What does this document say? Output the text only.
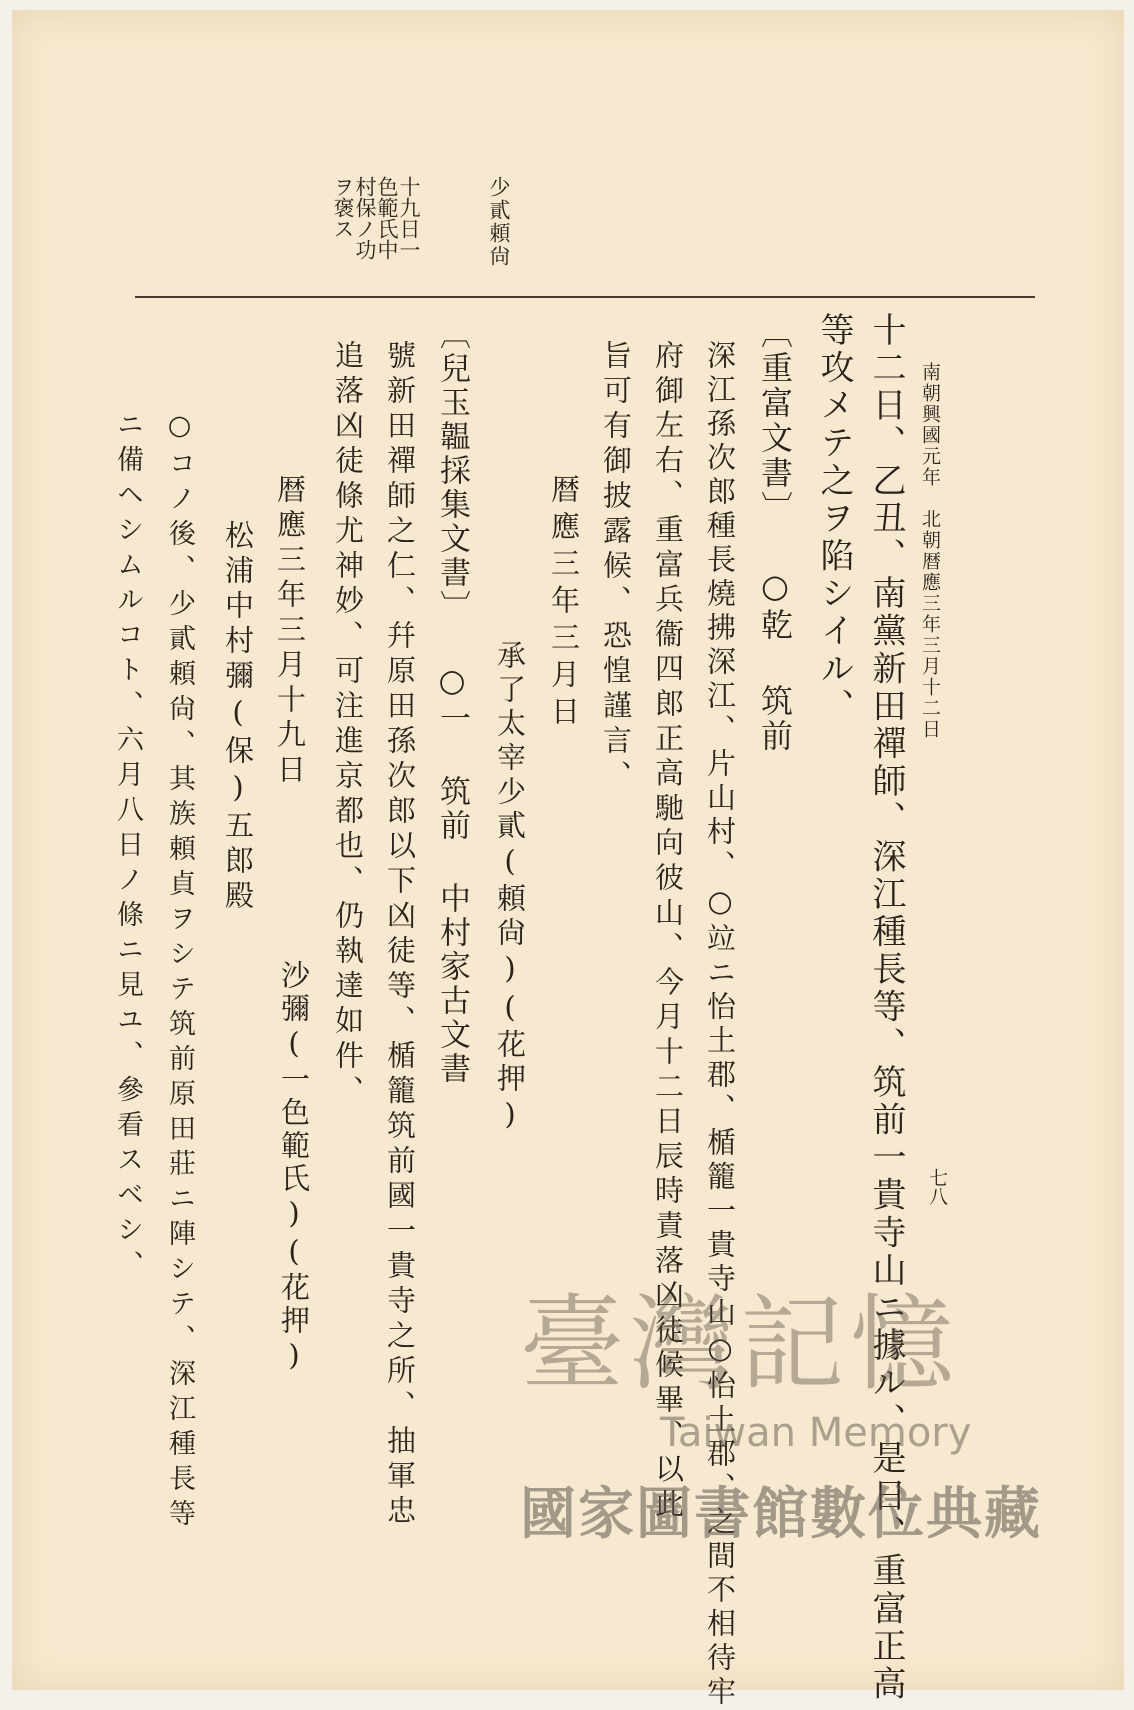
南朝興國元年　北朝暦應三年三月十二日
七八
十二日、乙丑、南黨新田禪師、深江種長等、筑前一貴寺山ニ據ル、是日、重富正高
等攻メテ之ヲ陷シイル、
〔重富文書〕 ○乾 筑前
深江孫次郎種長燒拂深江、片山村、○竝ニ怡土郡、楯籠一貴寺山○怡土郡、之間不相待牢
府御左右、重富兵衞四郎正高馳向彼山、今月十二日辰時責落凶徒候畢、以此
旨可有御披露候、恐惶謹言、
暦應三年三月日
承了太宰少貳(頼尙)(花押)
〔兒玉韞採集文書〕 ○一 筑前 中村家古文書
號新田禪師之仁、幷原田孫次郎以下凶徒等、楯籠筑前國一貴寺之所、抽軍忠
追落凶徒條尤神妙、可注進京都也、仍執達如件、
沙彌(一色範氏)(花押)
暦應三年三月十九日
松浦中村彌(保)五郎殿
○コノ後、少貳頼尙、其族頼貞ヲシテ筑前原田莊ニ陣シテ、深江種長等
ニ備ヘシムルコト、六月八日ノ條ニ見ユ、參看スベシ、
少貳頼尙
十九日一
色範氏中
村保ノ功
ヲ褒ス
臺灣記憶
Taiwan Memory
國家圖書館數位典藏
